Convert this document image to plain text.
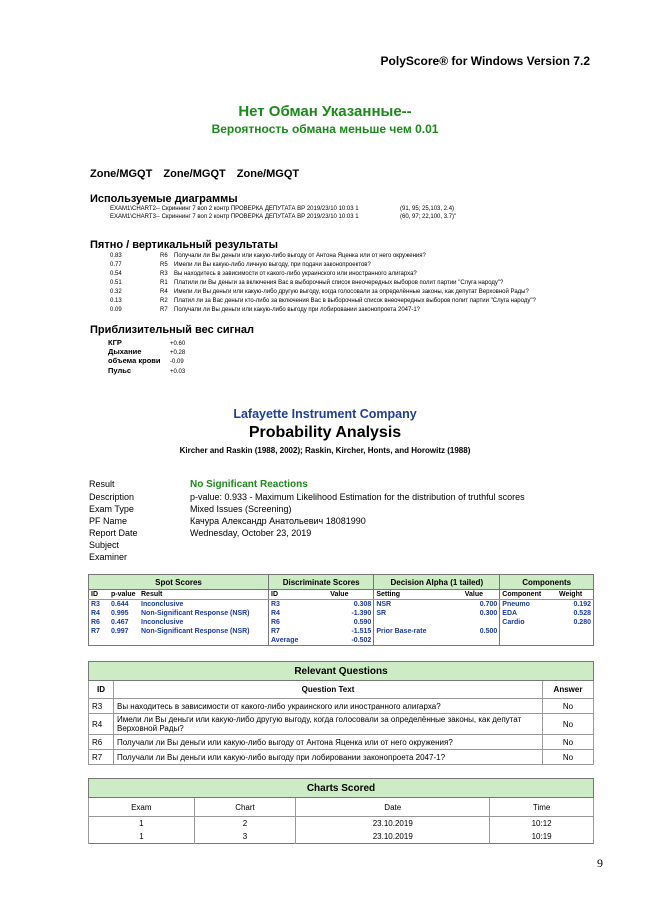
PolyScore® for Windows Version 7.2
Нет Обман Указанные--
Вероятность обмана меньше чем 0.01
Zone/MGQT Zone/MGQT Zone/MGQT
Используемые диаграммы
EXAM1\CHART2-- Скриннинг 7 воп 2 контр ПРОВЕРКА ДЕПУТАТА ВР 2019/23/10 10:03 1	(91, 95; 25,103, 2.4)
EXAM1\CHART3-- Скриннинг 7 воп 2 контр ПРОВЕРКА ДЕПУТАТА ВР 2019/23/10 10:03 1	(60, 97; 22,100, 3.7)"
Пятно / вертикальный результаты
0.83	R6 Получали ли Вы деньги или какую-либо выгоду от Антона Яценка или от него окружения?
0.77	R5 Имели ли Вы какую-либо личную выгоду, при подачи законопроектов?
0.54	R3 Вы находитесь в зависимости от какого-либо украинского или иностранного алигарха?
0.51	R1 Платили ли Вы деньги за включения Вас в выборочный список внеочередных выборов полит партии "Слуга народу"?
0.32	R4 Имели ли Вы деньги или какую-либо другую выгоду, когда голосовали за определённые законы, как депутат Верховной Рады?
0.13	R2 Платил ли за Вас деньги кто-либо за включения Вас в выборочный список внеочередных выборов полит партии "Слуга народу"?
0.09	R7 Получали ли Вы деньги или какую-либо выгоду при лобировании законопроета 2047-1?
Приблизительный вес сигнал
КГР	+0.60
Дыхание	+0.28
объема крови -0.09
Пульс	+0.03
Lafayette Instrument Company
Probability Analysis
Kircher and Raskin (1988, 2002); Raskin, Kircher, Honts, and Horowitz (1988)
Result	No Significant Reactions
Description	p-value: 0.933 - Maximum Likelihood Estimation for the distribution of truthful scores
Exam Type	Mixed Issues (Screening)
PF Name	Качура Александр Анатольевич 18081990
Report Date	Wednesday, October 23, 2019
Subject
Examiner
Spot Scores			Discriminate Scores		Decision Alpha (1 tailed)		Components	
ID	p-value	Result	ID	Value	Setting	Value	Component	Weight
R3	0.644	Inconclusive	R3	0.308	NSR	0.700	Pneumo	0.192
R4	0.995	Non-Significant Response (NSR)	R4	-1.390	SR	0.300	EDA	0.528
R6	0.467	Inconclusive	R6	0.590			Cardio	0.280
R7	0.997	Non-Significant Response (NSR)	R7	-1.515	Prior Base-rate	0.500		
			Average	-0.502				
Relevant Questions		
ID	Question Text	Answer
R3	Вы находитесь в зависимости от какого-либо украинского или иностранного алигарха?	No
R4	Имели ли Вы деньги или какую-либо другую выгоду, когда голосовали за определённые законы, как депутат Верховной Рады?	No
R6	Получали ли Вы деньги или какую-либо выгоду от Антона Яценка или от него окружения?	No
R7	Получали ли Вы деньги или какую-либо выгоду при лобировании законопроета 2047-1?	No
Charts Scored			
Exam	Chart	Date	Time
1	2	23.10.2019	10:12
1	3	23.10.2019	10:19
9
